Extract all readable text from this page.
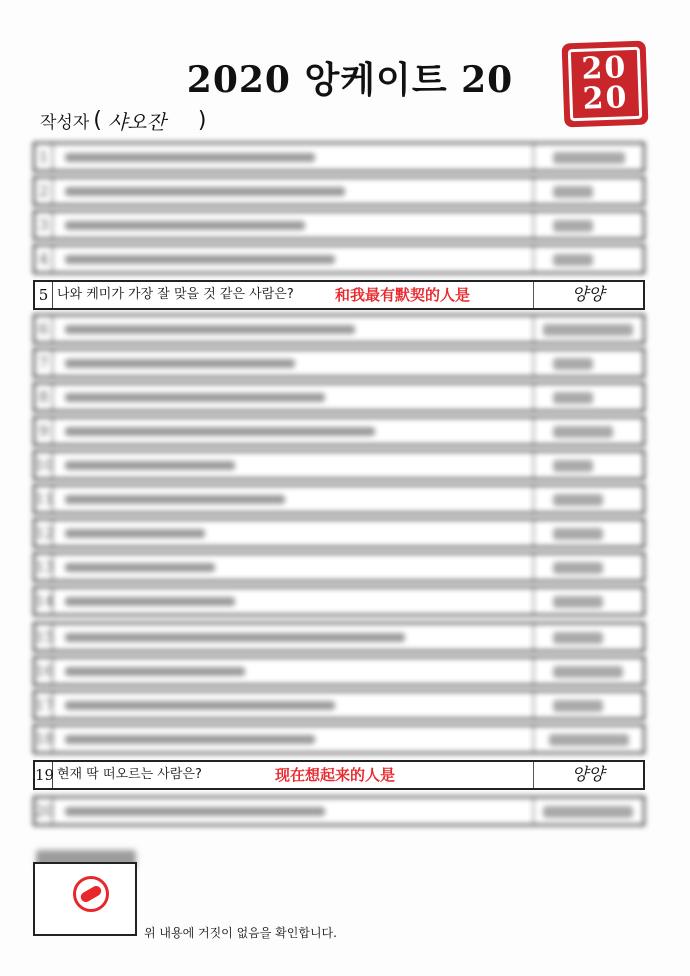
2020 앙케이트 20	20
20
작성자 ( 샤오잔 )
1
2
3
4
5 나와 케미가 가장 잘 맞을 것 같은 사람은?	和我最有默契的人是	양양
6
7
8
9
10
11
12
13
14
15
16
17
18
19 현재 딱 떠오르는 사람은?	现在想起来的人是	양양
20
위 내용에 거짓이 없음을 확인합니다.
